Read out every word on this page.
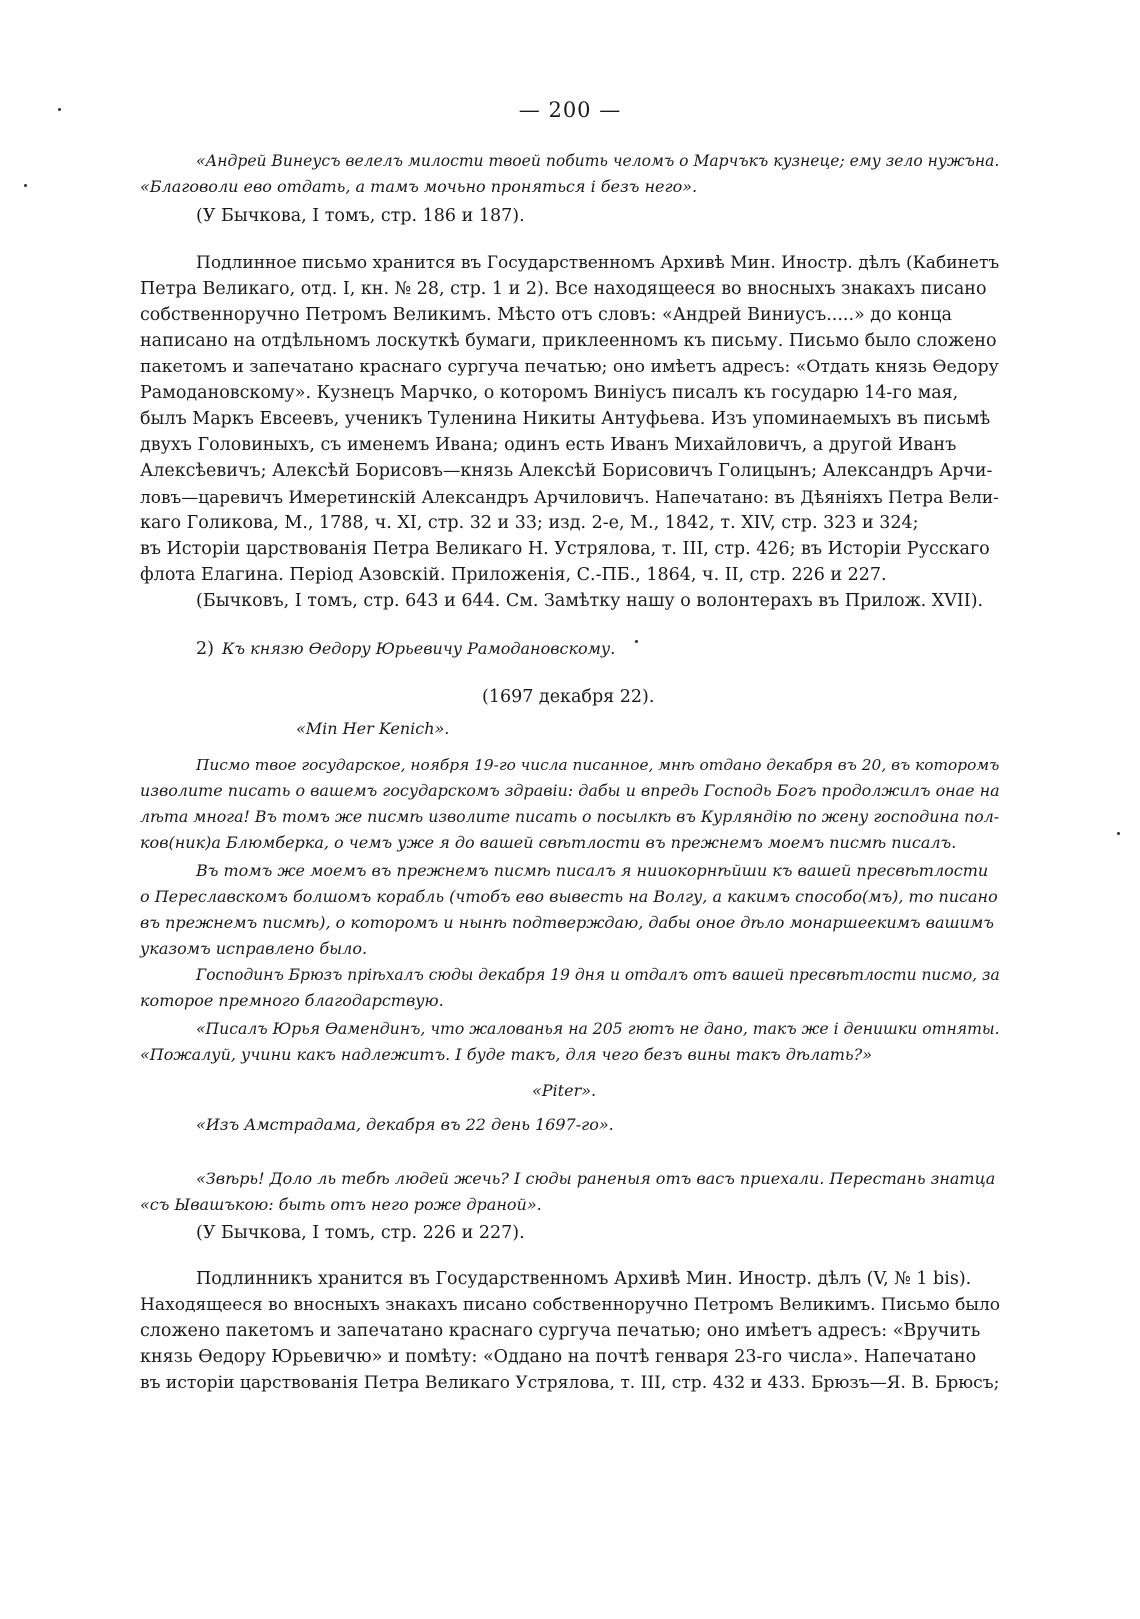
— 200 —
«Андрей Винеусъ велелъ милости твоей побить челомъ о Марчъкъ кузнеце; ему зело нужъна.
«Благоволи ево отдать, а тамъ мочьно проняться і безъ него».
(У Бычкова, I томъ, стр. 186 и 187).
Подлинное письмо хранится въ Государственномъ Архивѣ Мин. Иностр. дѣлъ (Кабинетъ
Петра Великаго, отд. I, кн. № 28, стр. 1 и 2). Все находящееся во вносныхъ знакахъ писано
собственноручно Петромъ Великимъ. Мѣсто отъ словъ: «Андрей Виниусъ.....» до конца
написано на отдѣльномъ лоскуткѣ бумаги, приклеенномъ къ письму. Письмо было сложено
пакетомъ и запечатано краснаго сургуча печатью; оно имѣетъ адресъ: «Отдать князь Ѳедору
Рамодановскому». Кузнецъ Марчко, о которомъ Виніусъ писалъ къ государю 14-го мая,
былъ Маркъ Евсеевъ, ученикъ Туленина Никиты Антуфьева. Изъ упоминаемыхъ въ письмѣ
двухъ Головиныхъ, съ именемъ Ивана; одинъ есть Иванъ Михайловичъ, а другой Иванъ
Алексѣевичъ; Алексѣй Борисовъ—князь Алексѣй Борисовичъ Голицынъ; Александръ Арчи-
ловъ—царевичъ Имеретинскій Александръ Арчиловичъ. Напечатано: въ Дѣяніяхъ Петра Вели-
каго Голикова, М., 1788, ч. XI, стр. 32 и 33; изд. 2-е, М., 1842, т. XIV, стр. 323 и 324;
въ Исторіи царствованія Петра Великаго Н. Устрялова, т. III, стр. 426; въ Исторіи Русскаго
флота Елагина. Період Азовскій. Приложенія, С.-ПБ., 1864, ч. II, стр. 226 и 227.
(Бычковъ, I томъ, стр. 643 и 644. См. Замѣтку нашу о волонтерахъ въ Прилож. XVII).
2) Къ князю Ѳедору Юрьевичу Рамодановскому.
(1697 декабря 22).
«Min Her Kenich».
Писмо твое государское, ноября 19-го числа писанное, мнѣ отдано декабря въ 20, въ которомъ
изволите писать о вашемъ государскомъ здравіи: дабы и впредь Господь Богъ продолжилъ онае на
лѣта многа! Въ томъ же писмѣ изволите писать о посылкѣ въ Курляндію по жену господина пол-
ков(ник)а Блюмберка, о чемъ уже я до вашей свѣтлости въ прежнемъ моемъ писмѣ писалъ.
Въ томъ же моемъ въ прежнемъ писмѣ писалъ я нииокорнѣйши къ вашей пресвѣтлости
о Переславскомъ болшомъ корабль (чтобъ ево вывесть на Волгу, а какимъ способо(мъ), то писано
въ прежнемъ писмѣ), о которомъ и нынѣ подтверждаю, дабы оное дѣло монаршеекимъ вашимъ
указомъ исправлено было.
Господинъ Брюзъ пріѣхалъ сюды декабря 19 дня и отдалъ отъ вашей пресвѣтлости писмо, за
которое премного благодарствую.
«Писалъ Юрья Ѳамендинъ, что жалованья на 205 гютъ не дано, такъ же і денишки отняты.
«Пожалуй, учини какъ надлежитъ. I буде такъ, для чего безъ вины такъ дѣлать?»
«Piter».
«Изъ Амстрадама, декабря въ 22 день 1697-го».
«Звѣрь! Доло ль тебѣ людей жечь? I сюды раненыя отъ васъ приехали. Перестань знатца
«съ Ывашъкою: быть отъ него роже драной».
(У Бычкова, I томъ, стр. 226 и 227).
Подлинникъ хранится въ Государственномъ Архивѣ Мин. Иностр. дѣлъ (V, № 1 bis).
Находящееся во вносныхъ знакахъ писано собственноручно Петромъ Великимъ. Письмо было
сложено пакетомъ и запечатано краснаго сургуча печатью; оно имѣетъ адресъ: «Вручить
князь Ѳедору Юрьевичю» и помѣту: «Оддано на почтѣ генваря 23-го числа». Напечатано
въ исторіи царствованія Петра Великаго Устрялова, т. III, стр. 432 и 433. Брюзъ—Я. В. Брюсъ;
